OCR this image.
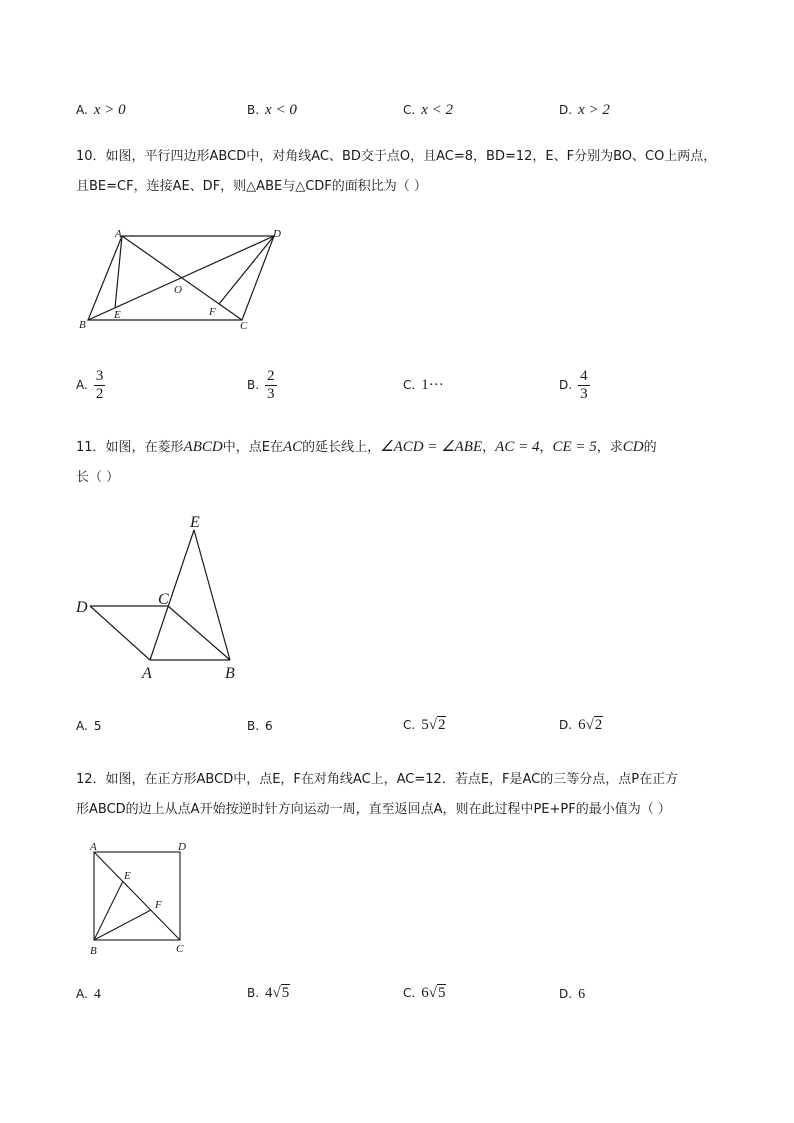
A. x > 0	B. x < 0	C. x < 2	D. x > 2
10．如图，平行四边形ABCD中，对角线AC、BD交于点O，且AC=8，BD=12，E、F分别为BO、CO上两点，
且BE=CF，连接AE、DF，则△ABE与△CDF的面积比为（ ）
A	D
O
B
E	F
C
A. $\frac{3}{2}$	B. $\frac{2}{3}$	C. 1···	D. $\frac{4}{3}$
11．如图，在菱形ABCD中，点E在AC的延长线上，∠ACD = ∠ABE，AC = 4，CE = 5，求CD的
长（ ）
E
D	C
A	B
A. 5	B. 6	C. 5√2	D. 6√2
12．如图，在正方形ABCD中，点E，F在对角线AC上，AC=12．若点E，F是AC的三等分点，点P在正方
形ABCD的边上从点A开始按逆时针方向运动一周，直至返回点A，则在此过程中PE+PF的最小值为（ ）
A	D
E
F
B	C
A. 4	B. 4√5	C. 6√5	D. 6
